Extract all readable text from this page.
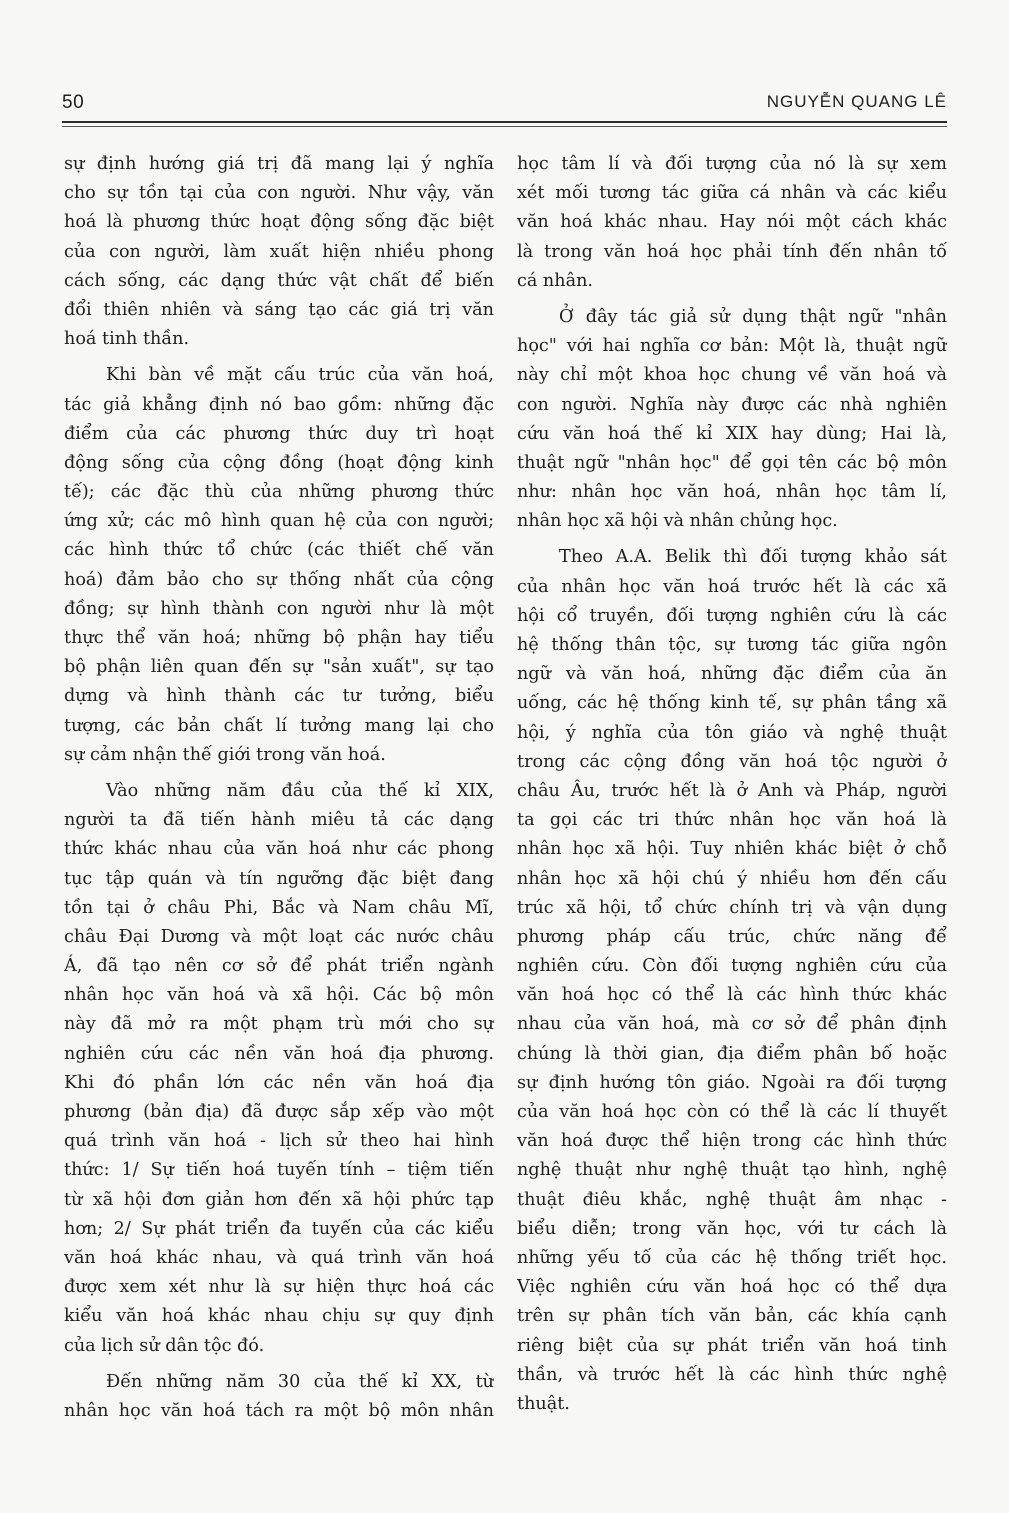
50	NGUYỄN QUANG LÊ
sự định hướng giá trị đã mang lại ý nghĩa
cho sự tồn tại của con người. Như vậy, văn
hoá là phương thức hoạt động sống đặc biệt
của con người, làm xuất hiện nhiều phong
cách sống, các dạng thức vật chất để biến
đổi thiên nhiên và sáng tạo các giá trị văn
hoá tinh thần.
Khi bàn về mặt cấu trúc của văn hoá,
tác giả khẳng định nó bao gồm: những đặc
điểm của các phương thức duy trì hoạt
động sống của cộng đồng (hoạt động kinh
tế); các đặc thù của những phương thức
ứng xử; các mô hình quan hệ của con người;
các hình thức tổ chức (các thiết chế văn
hoá) đảm bảo cho sự thống nhất của cộng
đồng; sự hình thành con người như là một
thực thể văn hoá; những bộ phận hay tiểu
bộ phận liên quan đến sự "sản xuất", sự tạo
dựng và hình thành các tư tưởng, biểu
tượng, các bản chất lí tưởng mang lại cho
sự cảm nhận thế giới trong văn hoá.
Vào những năm đầu của thế kỉ XIX,
người ta đã tiến hành miêu tả các dạng
thức khác nhau của văn hoá như các phong
tục tập quán và tín ngưỡng đặc biệt đang
tồn tại ở châu Phi, Bắc và Nam châu Mĩ,
châu Đại Dương và một loạt các nước châu
Á, đã tạo nên cơ sở để phát triển ngành
nhân học văn hoá và xã hội. Các bộ môn
này đã mở ra một phạm trù mới cho sự
nghiên cứu các nền văn hoá địa phương.
Khi đó phần lớn các nền văn hoá địa
phương (bản địa) đã được sắp xếp vào một
quá trình văn hoá - lịch sử theo hai hình
thức: 1/ Sự tiến hoá tuyến tính – tiệm tiến
từ xã hội đơn giản hơn đến xã hội phức tạp
hơn; 2/ Sự phát triển đa tuyến của các kiểu
văn hoá khác nhau, và quá trình văn hoá
được xem xét như là sự hiện thực hoá các
kiểu văn hoá khác nhau chịu sự quy định
của lịch sử dân tộc đó.
Đến những năm 30 của thế kỉ XX, từ
nhân học văn hoá tách ra một bộ môn nhân
học tâm lí và đối tượng của nó là sự xem
xét mối tương tác giữa cá nhân và các kiểu
văn hoá khác nhau. Hay nói một cách khác
là trong văn hoá học phải tính đến nhân tố
cá nhân.
Ở đây tác giả sử dụng thật ngữ "nhân
học" với hai nghĩa cơ bản: Một là, thuật ngữ
này chỉ một khoa học chung về văn hoá và
con người. Nghĩa này được các nhà nghiên
cứu văn hoá thế kỉ XIX hay dùng; Hai là,
thuật ngữ "nhân học" để gọi tên các bộ môn
như: nhân học văn hoá, nhân học tâm lí,
nhân học xã hội và nhân chủng học.
Theo A.A. Belik thì đối tượng khảo sát
của nhân học văn hoá trước hết là các xã
hội cổ truyền, đối tượng nghiên cứu là các
hệ thống thân tộc, sự tương tác giữa ngôn
ngữ và văn hoá, những đặc điểm của ăn
uống, các hệ thống kinh tế, sự phân tầng xã
hội, ý nghĩa của tôn giáo và nghệ thuật
trong các cộng đồng văn hoá tộc người ở
châu Âu, trước hết là ở Anh và Pháp, người
ta gọi các tri thức nhân học văn hoá là
nhân học xã hội. Tuy nhiên khác biệt ở chỗ
nhân học xã hội chú ý nhiều hơn đến cấu
trúc xã hội, tổ chức chính trị và vận dụng
phương pháp cấu trúc, chức năng để
nghiên cứu. Còn đối tượng nghiên cứu của
văn hoá học có thể là các hình thức khác
nhau của văn hoá, mà cơ sở để phân định
chúng là thời gian, địa điểm phân bố hoặc
sự định hướng tôn giáo. Ngoài ra đối tượng
của văn hoá học còn có thể là các lí thuyết
văn hoá được thể hiện trong các hình thức
nghệ thuật như nghệ thuật tạo hình, nghệ
thuật điêu khắc, nghệ thuật âm nhạc -
biểu diễn; trong văn học, với tư cách là
những yếu tố của các hệ thống triết học.
Việc nghiên cứu văn hoá học có thể dựa
trên sự phân tích văn bản, các khía cạnh
riêng biệt của sự phát triển văn hoá tinh
thần, và trước hết là các hình thức nghệ
thuật.
